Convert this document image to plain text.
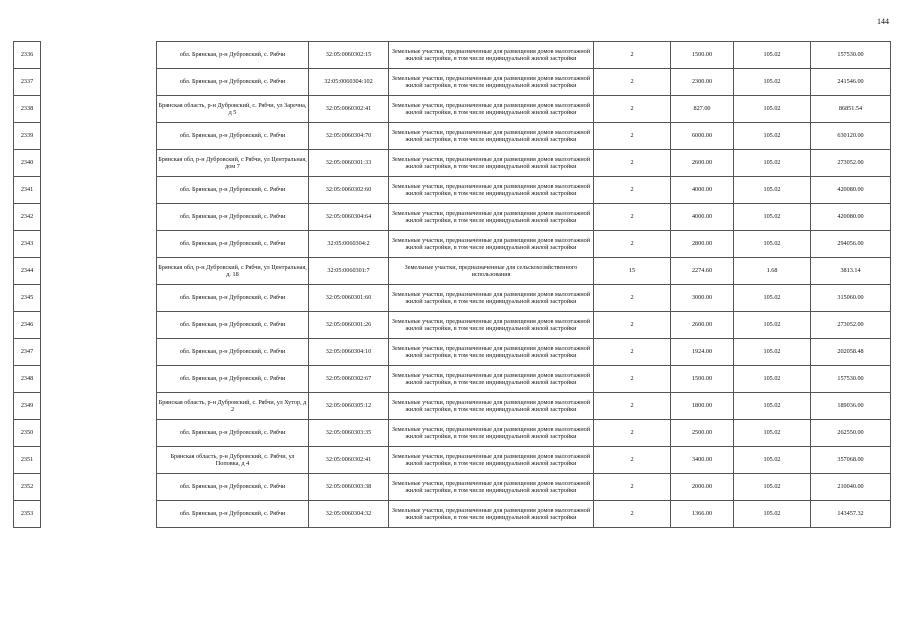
144
2336		обл. Брянская, р-н Дубровский, с. Рябчи	32:05:0060302:15	Земельные участки, предназначенные для размещения домов малоэтажной жилой застройки, в том числе индивидуальной жилой застройки	2	1500.00	105.02	157530.00
2337		обл. Брянская, р-н Дубровский, с. Рябчи	32:05:0060304:102	Земельные участки, предназначенные для размещения домов малоэтажной жилой застройки, в том числе индивидуальной жилой застройки	2	2300.00	105.02	241546.00
2338		Брянская область, р-н Дубровский, с. Рябчи, ул Заречна, д 5	32:05:0060302:41	Земельные участки, предназначенные для размещения домов малоэтажной жилой застройки, в том числе индивидуальной жилой застройки	2	827.00	105.02	86851.54
2339		обл. Брянская, р-н Дубровский, с. Рябчи	32:05:0060304:70	Земельные участки, предназначенные для размещения домов малоэтажной жилой застройки, в том числе индивидуальной жилой застройки	2	6000.00	105.02	630120.00
2340		Брянская обл, р-н Дубровский, с Рябчи, ул Центральная, дом 7	32:05:0060301:33	Земельные участки, предназначенные для размещения домов малоэтажной жилой застройки, в том числе индивидуальной жилой застройки	2	2600.00	105.02	273052.00
2341		обл. Брянская, р-н Дубровский, с. Рябчи	32:05:0060302:60	Земельные участки, предназначенные для размещения домов малоэтажной жилой застройки, в том числе индивидуальной жилой застройки	2	4000.00	105.02	420080.00
2342		обл. Брянская, р-н Дубровский, с. Рябчи	32:05:0060304:64	Земельные участки, предназначенные для размещения домов малоэтажной жилой застройки, в том числе индивидуальной жилой застройки	2	4000.00	105.02	420080.00
2343		обл. Брянская, р-н Дубровский, с. Рябчи	32:05:0060304:2	Земельные участки, предназначенные для размещения домов малоэтажной жилой застройки, в том числе индивидуальной жилой застройки	2	2800.00	105.02	294056.00
2344		Брянская обл, р-н Дубровский, с Рябчи, ул Центральная, д. 18	32:05:0060301:7	Земельные участки, предназначенные для сельскохозяйственного использования	15	2274.60	1.68	3813.14
2345		обл. Брянская, р-н Дубровский, с. Рябчи	32:05:0060301:60	Земельные участки, предназначенные для размещения домов малоэтажной жилой застройки, в том числе индивидуальной жилой застройки	2	3000.00	105.02	315060.00
2346		обл. Брянская, р-н Дубровский, с. Рябчи	32:05:0060301:26	Земельные участки, предназначенные для размещения домов малоэтажной жилой застройки, в том числе индивидуальной жилой застройки	2	2600.00	105.02	273052.00
2347		обл. Брянская, р-н Дубровский, с. Рябчи	32:05:0060304:10	Земельные участки, предназначенные для размещения домов малоэтажной жилой застройки, в том числе индивидуальной жилой застройки	2	1924.00	105.02	202058.48
2348		обл. Брянская, р-н Дубровский, с. Рябчи	32:05:0060302:67	Земельные участки, предназначенные для размещения домов малоэтажной жилой застройки, в том числе индивидуальной жилой застройки	2	1500.00	105.02	157530.00
2349		Брянская область, р-н Дубровский, с. Рябчи, ул Хутор, д 2	32:05:0060305:12	Земельные участки, предназначенные для размещения домов малоэтажной жилой застройки, в том числе индивидуальной жилой застройки	2	1800.00	105.02	189036.00
2350		обл. Брянская, р-н Дубровский, с. Рябчи	32:05:0060303:35	Земельные участки, предназначенные для размещения домов малоэтажной жилой застройки, в том числе индивидуальной жилой застройки	2	2500.00	105.02	262550.00
2351		Брянская область, р-н Дубровский, с. Рябчи, ул Поповка, д 4	32:05:0060302:41	Земельные участки, предназначенные для размещения домов малоэтажной жилой застройки, в том числе индивидуальной жилой застройки	2	3400.00	105.02	357068.00
2352		обл. Брянская, р-н Дубровский, с. Рябчи	32:05:0060303:38	Земельные участки, предназначенные для размещения домов малоэтажной жилой застройки, в том числе индивидуальной жилой застройки	2	2000.00	105.02	210040.00
2353		обл. Брянская, р-н Дубровский, с. Рябчи	32:05:0060304:32	Земельные участки, предназначенные для размещения домов малоэтажной жилой застройки, в том числе индивидуальной жилой застройки	2	1366.00	105.02	143457.32
